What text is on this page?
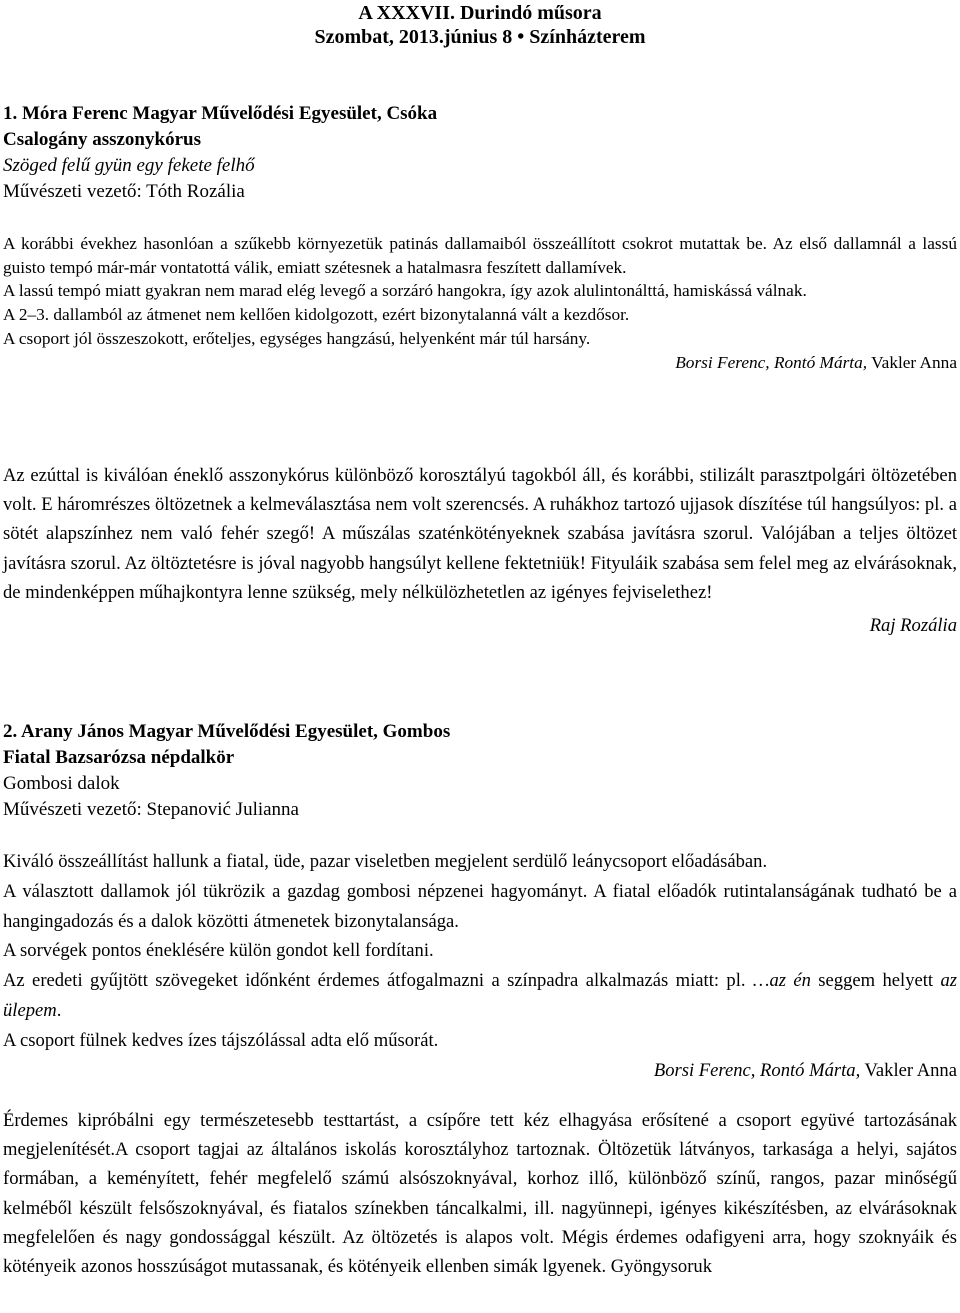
A XXXVII. Durindó műsora
Szombat, 2013.június 8 • Színházterem
1. Móra Ferenc Magyar Művelődési Egyesület, Csóka
Csalogány asszonykórus
Szöged felű gyün egy fekete felhő
Művészeti vezető: Tóth Rozália
A korábbi évekhez hasonlóan a szűkebb környezetük patinás dallamaiból összeállított csokrot mutattak be. Az első dallamnál a lassú guisto tempó már-már vontatottá válik, emiatt szétesnek a hatalmasra feszített dallamívek.
A lassú tempó miatt gyakran nem marad elég levegő a sorzáró hangokra, így azok alulintonálttá, hamiskássá válnak.
A 2–3. dallamból az átmenet nem kellően kidolgozott, ezért bizonytalanná vált a kezdősor.
A csoport jól összeszokott, erőteljes, egységes hangzású, helyenként már túl harsány.
Borsi Ferenc, Rontó Márta, Vakler Anna
Az ezúttal is kiválóan éneklő asszonykórus különböző korosztályú tagokból áll, és korábbi, stilizált parasztpolgári öltözetében volt. E háromrészes öltözetnek a kelmeválasztása nem volt szerencsés. A ruhákhoz tartozó ujjasok díszítése túl hangsúlyos: pl. a sötét alapszínhez nem való fehér szegő! A műszálas szaténkötényeknek szabása javításra szorul. Valójában a teljes öltözet javításra szorul. Az öltöztetésre is jóval nagyobb hangsúlyt kellene fektetniük! Fityuláik szabása sem felel meg az elvárásoknak, de mindenképpen műhajkontyra lenne szükség, mely nélkülözhetetlen az igényes fejviselethez!
Raj Rozália
2. Arany János Magyar Művelődési Egyesület, Gombos
Fiatal Bazsarózsa népdalkör
Gombosi dalok
Művészeti vezető: Stepanović Julianna
Kiváló összeállítást hallunk a fiatal, üde, pazar viseletben megjelent serdülő leánycsoport előadásában.
A választott dallamok jól tükrözik a gazdag gombosi népzenei hagyományt. A fiatal előadók rutintalanságának tudható be a hangingadozás és a dalok közötti átmenetek bizonytalansága.
A sorvégek pontos éneklésére külön gondot kell fordítani.
Az eredeti gyűjtött szövegeket időnként érdemes átfogalmazni a színpadra alkalmazás miatt: pl. …az én seggem helyett az ülepem.
A csoport fülnek kedves ízes tájszólással adta elő műsorát.
Borsi Ferenc, Rontó Márta, Vakler Anna
Érdemes kipróbálni egy természetesebb testtartást, a csípőre tett kéz elhagyása erősítené a csoport együvé tartozásának megjelenítését.A csoport tagjai az általános iskolás korosztályhoz tartoznak. Öltözetük látványos, tarkasága a helyi, sajátos formában, a keményített, fehér megfelelő számú alsószoknyával, korhoz illő, különböző színű, rangos, pazar minőségű kelméből készült felsőszoknyával, és fiatalos színekben táncalkalmi, ill. nagyünnepi, igényes kikészítésben, az elvárásoknak megfelelően és nagy gondossággal készült. Az öltözetés is alapos volt. Mégis érdemes odafigyeni arra, hogy szoknyáik és kötényeik azonos hosszúságot mutassanak, és kötényeik ellenben simák lgyenek. Gyöngysoruk
